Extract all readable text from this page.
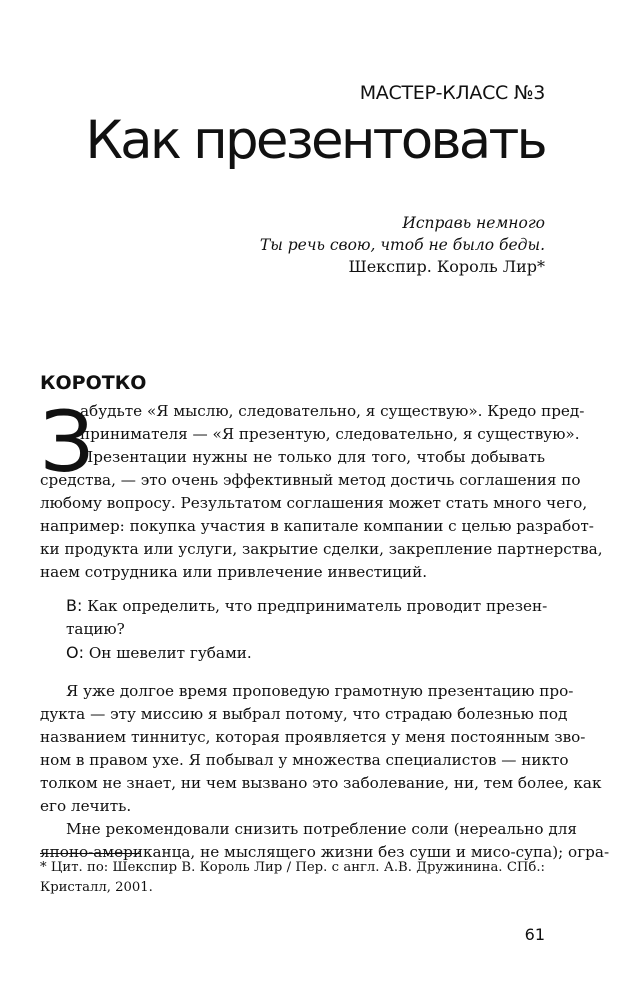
МАСТЕР-КЛАСС №3
Как презентовать
Исправь немного
Ты речь свою, чтоб не было беды.
Шекспир. Король Лир*
КОРОТКО
З
абудьте «Я мыслю, следовательно, я существую». Кредо пред-
принимателя — «Я презентую, следовательно, я существую».
Презентации нужны не только для того, чтобы добывать
средства, — это очень эффективный метод достичь соглашения по
любому вопросу. Результатом соглашения может стать много чего,
например: покупка участия в капитале компании с целью разработ-
ки продукта или услуги, закрытие сделки, закрепление партнерства,
наем сотрудника или привлечение инвестиций.
В: Как определить, что предприниматель проводит презен-
тацию?
О: Он шевелит губами.
Я уже долгое время проповедую грамотную презентацию про-
дукта — эту миссию я выбрал потому, что страдаю болезнью под
названием тиннитус, которая проявляется у меня постоянным зво-
ном в правом ухе. Я побывал у множества специалистов — никто
толком не знает, ни чем вызвано это заболевание, ни, тем более, как
его лечить.
Мне рекомендовали снизить потребление соли (нереально для
японо-американца, не мыслящего жизни без суши и мисо-супа); огра-
* Цит. по: Шекспир В. Король Лир / Пер. с англ. А.В. Дружинина. СПб.:
Кристалл, 2001.
61
